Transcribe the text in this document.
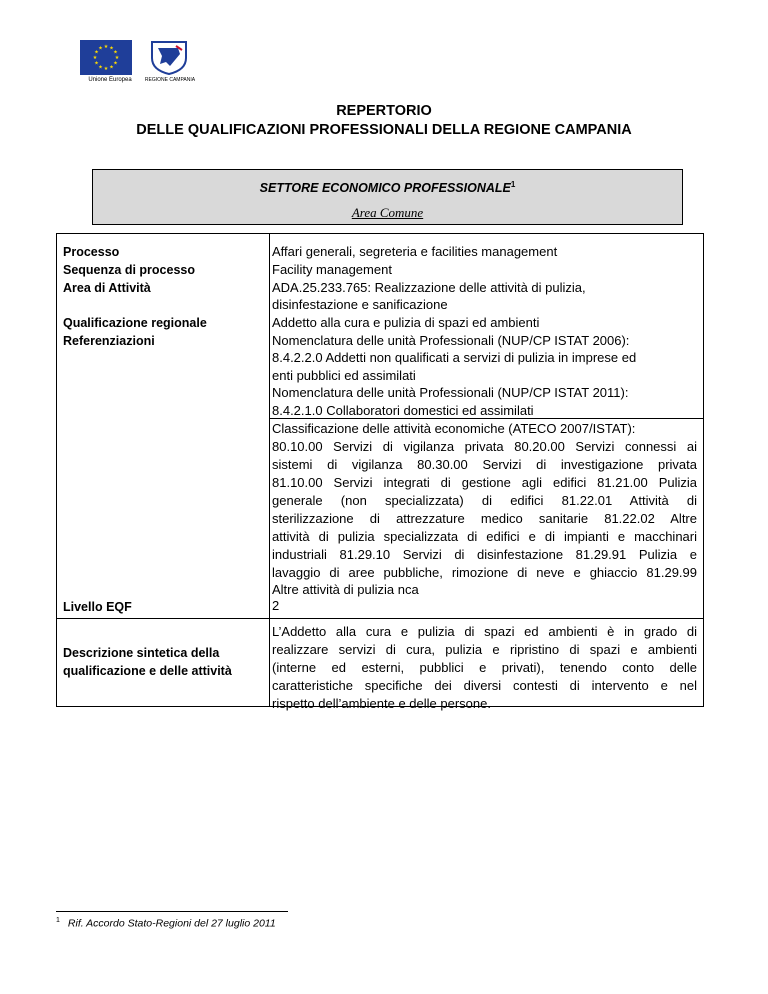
★ ★
★
★
★
★
★
★
★
★
★
★
Unione Europea	REGIONE CAMPANIA
REPERTORIO
DELLE QUALIFICAZIONI PROFESSIONALI DELLA REGIONE CAMPANIA
SETTORE ECONOMICO PROFESSIONALE$^1$
Area Comune
Processo
Sequenza di processo
Area di Attività
Qualificazione regionale
Referenziazioni
Livello EQF
Descrizione sintetica della
qualificazione e delle attività
Affari generali, segreteria e facilities management
Facility management
ADA.25.233.765: Realizzazione delle attività di pulizia,
disinfestazione e sanificazione
Addetto alla cura e pulizia di spazi ed ambienti
Nomenclatura delle unità Professionali (NUP/CP ISTAT 2006):
8.4.2.2.0 Addetti non qualificati a servizi di pulizia in imprese ed
enti pubblici ed assimilati
Nomenclatura delle unità Professionali (NUP/CP ISTAT 2011):
8.4.2.1.0 Collaboratori domestici ed assimilati
Classificazione delle attività economiche (ATECO 2007/ISTAT):
80.10.00 Servizi di vigilanza privata 80.20.00 Servizi connessi ai
sistemi di vigilanza 80.30.00 Servizi di investigazione privata
81.10.00 Servizi integrati di gestione agli edifici 81.21.00 Pulizia
generale (non specializzata) di edifici 81.22.01 Attività di
sterilizzazione di attrezzature medico sanitarie 81.22.02 Altre
attività di pulizia specializzata di edifici e di impianti e macchinari
industriali 81.29.10 Servizi di disinfestazione 81.29.91 Pulizia e
lavaggio di aree pubbliche, rimozione di neve e ghiaccio 81.29.99
Altre attività di pulizia nca
2
L’Addetto alla cura e pulizia di spazi ed ambienti è in grado di
realizzare servizi di cura, pulizia e ripristino di spazi e ambienti
(interne ed esterni, pubblici e privati), tenendo conto delle
caratteristiche specifiche dei diversi contesti di intervento e nel
rispetto dell’ambiente e delle persone.
$^1$ Rif. Accordo Stato-Regioni del 27 luglio 2011
